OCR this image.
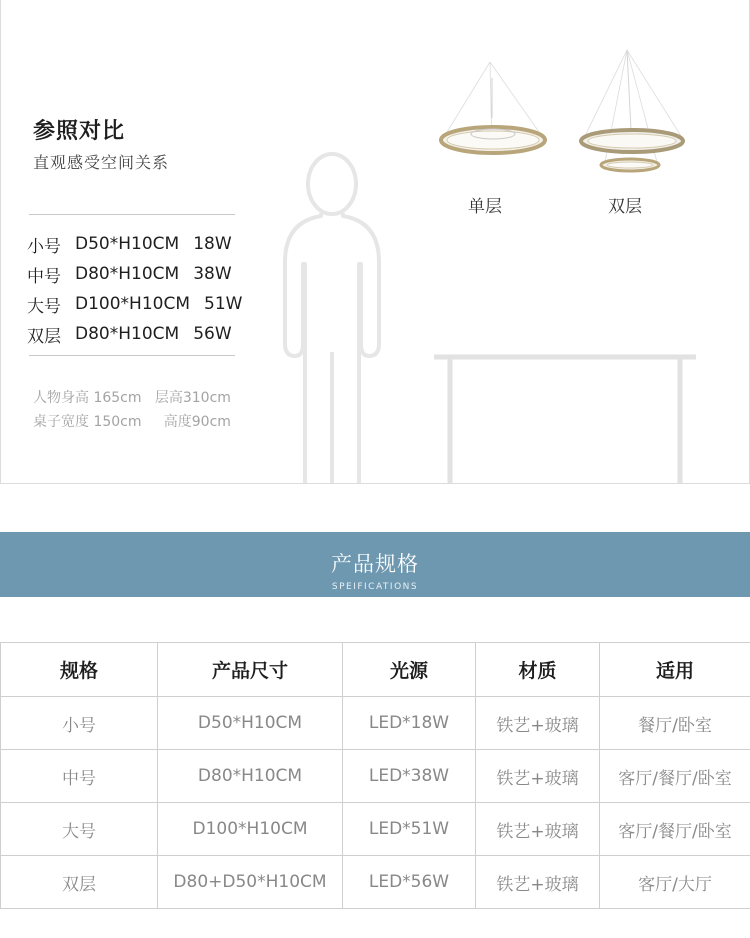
参照对比

直观感受空间关系

小号 D50*H10CM 18W
中号 D80*H10CM 38W
大号 D100*H10CM 51W
双层 D80*H10CM 56W
人物身高 165cm   层高310cm
桌子宽度 150cm     高度90cm
单层	双层
产品规格
SPEIFICATIONS
规格	产品尺寸	光源	材质	适用
小号	D50*H10CM	LED*18W	铁艺+玻璃	餐厅/卧室
中号	D80*H10CM	LED*38W	铁艺+玻璃	客厅/餐厅/卧室
大号	D100*H10CM	LED*51W	铁艺+玻璃	客厅/餐厅/卧室
双层	D80+D50*H10CM	LED*56W	铁艺+玻璃	客厅/大厅
